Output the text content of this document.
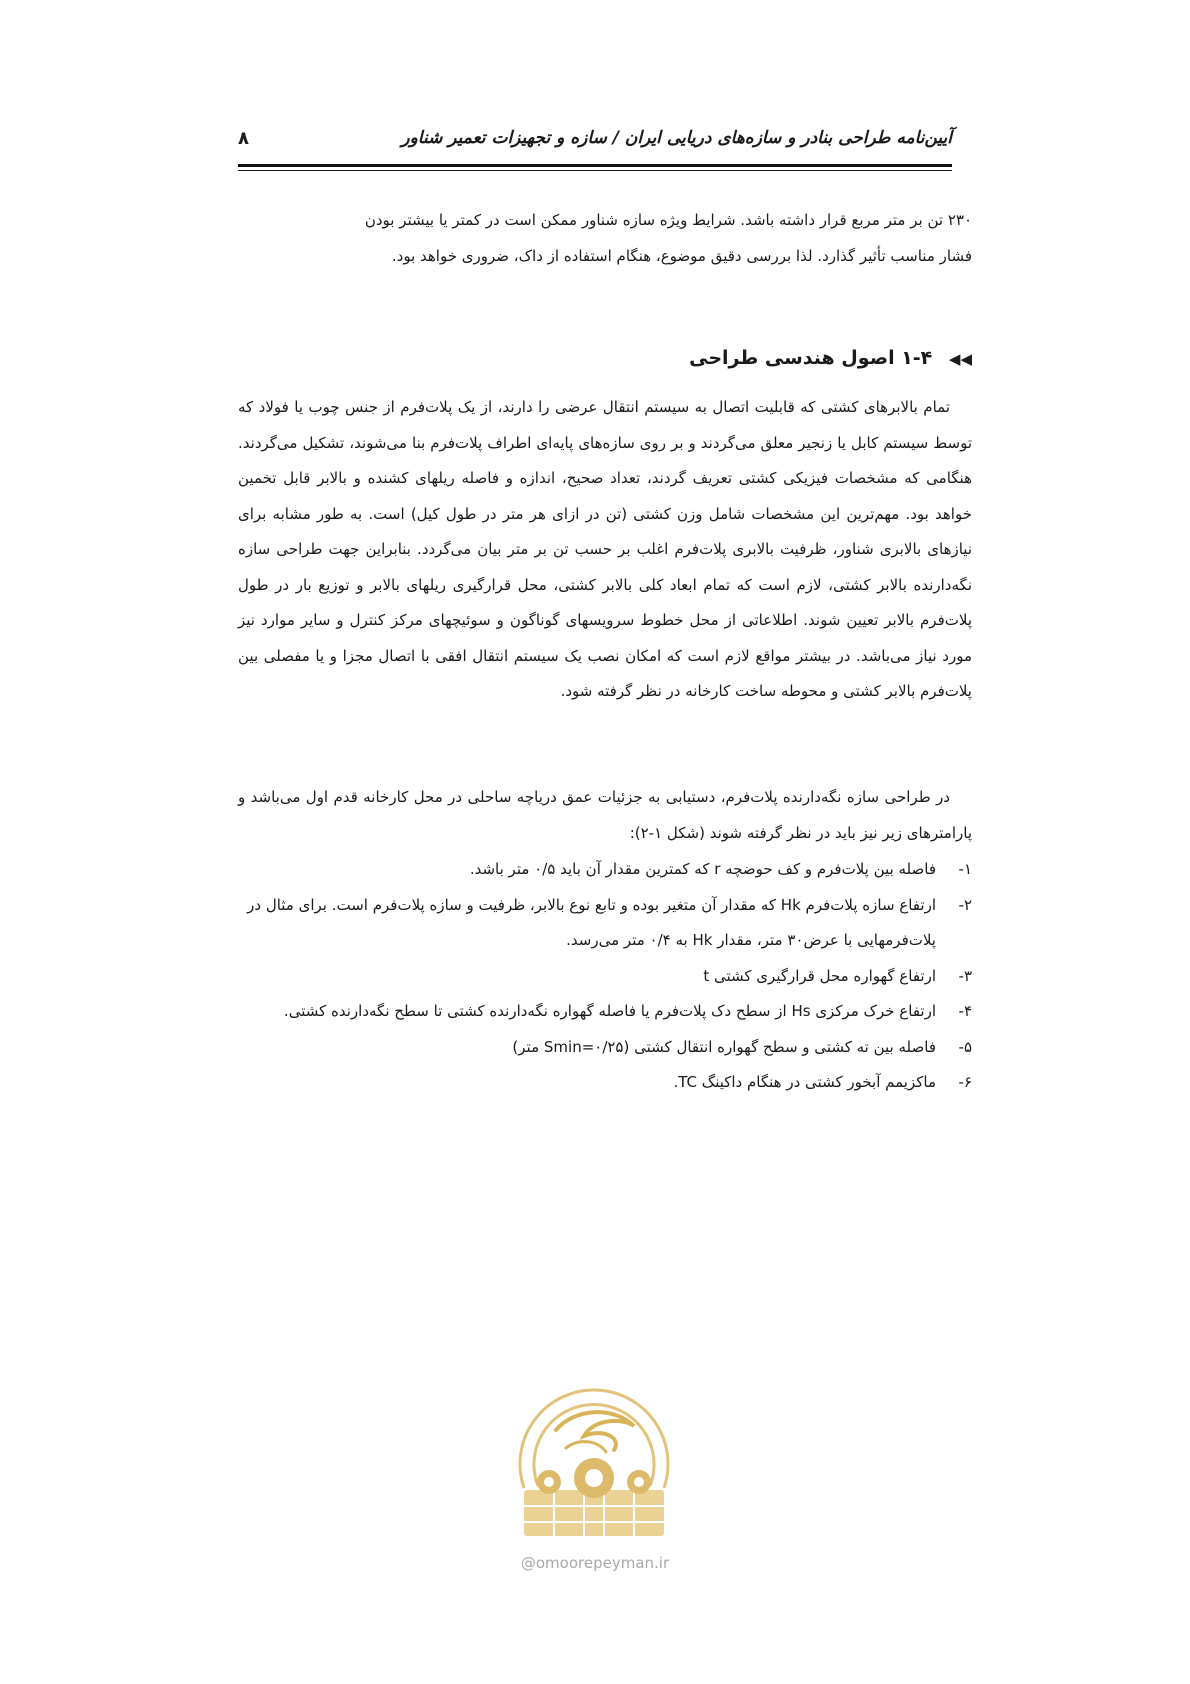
آیین‌نامه طراحی بنادر و سازه‌های دریایی ایران / سازه و تجهیزات تعمیر شناور
۸

۲۳۰ تن بر متر مربع قرار داشته باشد. شرایط ویژه سازه شناور ممکن است در کمتر یا بیشتر بودن

فشار مناسب تأثیر گذارد. لذا بررسی دقیق موضوع، هنگام استفاده از داک، ضروری خواهد بود.

◀◀ ۱-۴ اصول هندسی طراحی

تمام بالابرهای کشتی که قابلیت اتصال به سیستم انتقال عرضی را دارند، از یک پلات‌فرم از جنس چوب یا فولاد که توسط سیستم کابل یا زنجیر معلق می‌گردند و بر روی سازه‌های پایه‌ای اطراف پلات‌فرم بنا می‌شوند، تشکیل می‌گردند. هنگامی که مشخصات فیزیکی کشتی تعریف گردند، تعداد صحیح، اندازه و فاصله ریلهای کشنده و بالابر قابل تخمین خواهد بود. مهم‌ترین این مشخصات شامل وزن کشتی (تن در ازای هر متر در طول کیل) است. به طور مشابه برای نیازهای بالابری شناور، ظرفیت بالابری پلات‌فرم اغلب بر حسب تن بر متر بیان می‌گردد. بنابراین جهت طراحی سازه نگه‌دارنده بالابر کشتی، لازم است که تمام ابعاد کلی بالابر کشتی، محل قرارگیری ریلهای بالابر و توزیع بار در طول پلات‌فرم بالابر تعیین شوند. اطلاعاتی از محل خطوط سرویسهای گوناگون و سوئیچهای مرکز کنترل و سایر موارد نیز مورد نیاز می‌باشد. در بیشتر مواقع لازم است که امکان نصب یک سیستم انتقال افقی با اتصال مجزا و یا مفصلی بین پلات‌فرم بالابر کشتی و محوطه ساخت کارخانه در نظر گرفته شود.

در طراحی سازه نگه‌دارنده پلات‌فرم، دستیابی به جزئیات عمق دریاچه ساحلی در محل کارخانه قدم اول می‌باشد و پارامترهای زیر نیز باید در نظر گرفته شوند (شکل ۱-۲):

۱-
فاصله بین پلات‌فرم و کف حوضچه r که کمترین مقدار آن باید ۰/۵ متر باشد.
۲-
ارتفاع سازه پلات‌فرم Hk که مقدار آن متغیر بوده و تابع نوع بالابر، ظرفیت و سازه پلات‌فرم است. برای مثال در پلات‌فرمهایی با عرض۳۰ متر، مقدار Hk به ۰/۴ متر می‌رسد.
۳-
ارتفاع گهواره محل قرارگیری کشتی t
۴-
ارتفاع خرک مرکزی Hs از سطح دک پلات‌فرم یا فاصله گهواره نگه‌دارنده کشتی تا سطح نگه‌دارنده کشتی.
۵-
فاصله بین ته کشتی و سطح گهواره انتقال کشتی (Smin=۰/۲۵ متر)
۶-
ماکزیمم آبخور کشتی در هنگام داکینگ TC.
@omoorepeyman.ir
